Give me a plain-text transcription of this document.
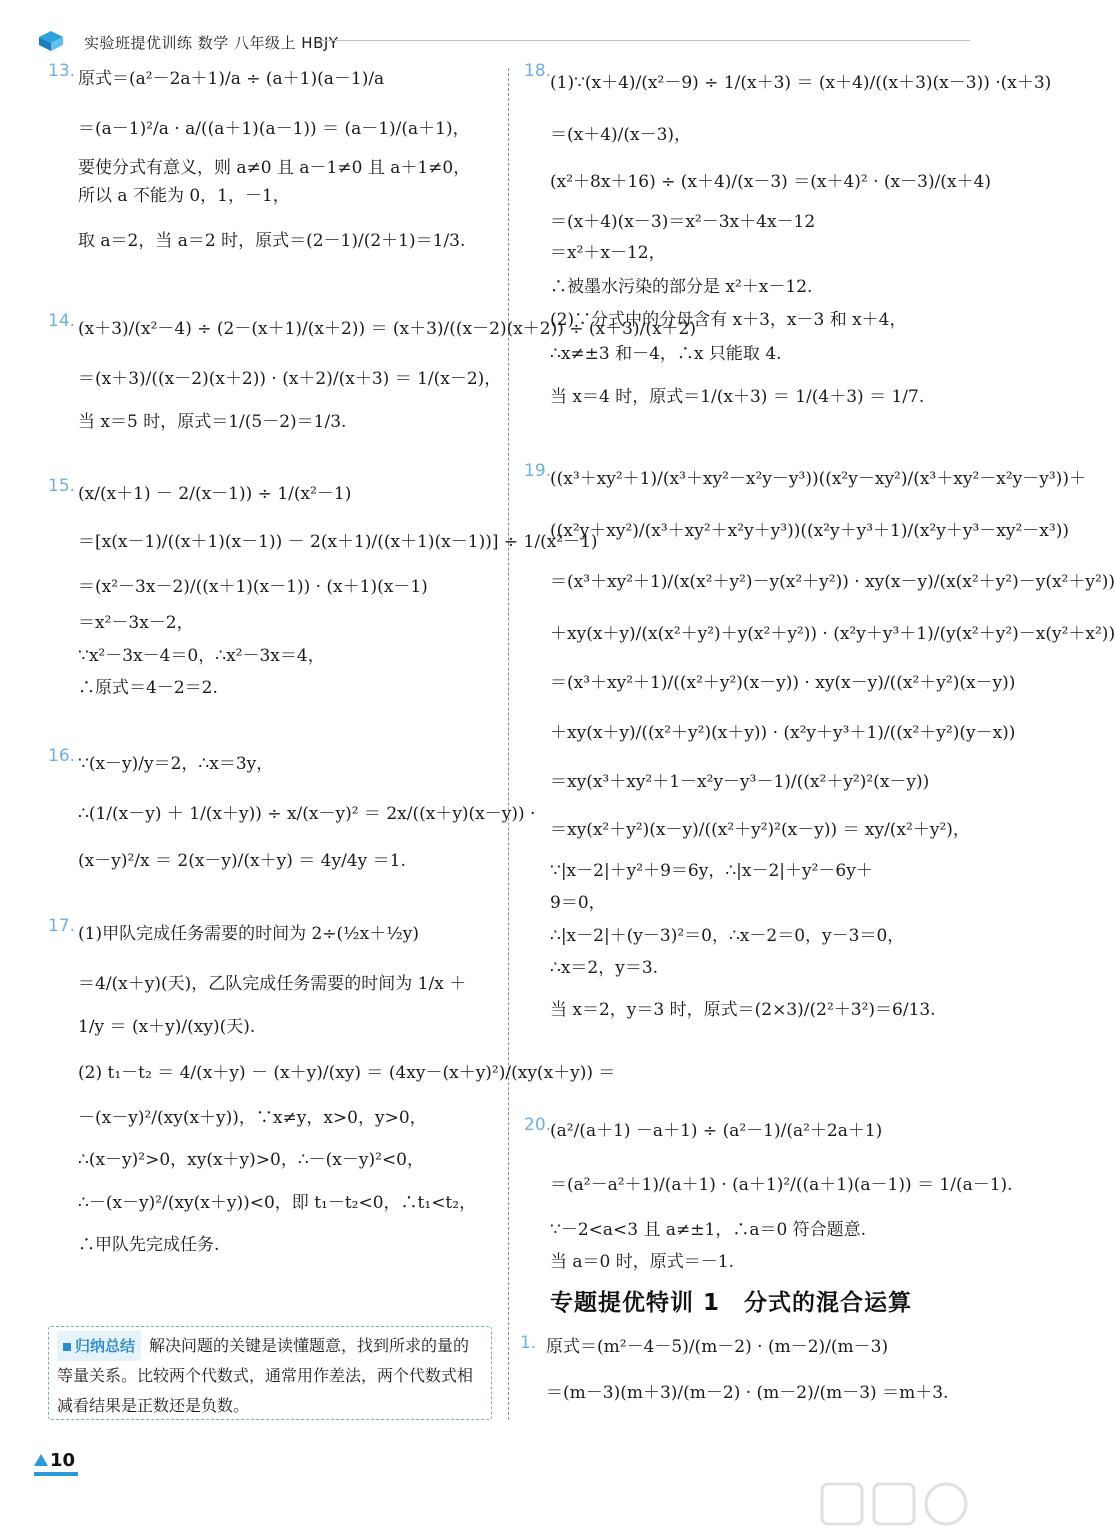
实验班提优训练 数学 八年级上 HBJY
13. 原式＝(a²－2a＋1)/a ÷ (a＋1)(a－1)/a
＝(a－1)²/a · a/((a＋1)(a－1)) ＝ (a－1)/(a＋1)，
要使分式有意义，则 a≠0 且 a－1≠0 且 a＋1≠0，
所以 a 不能为 0，1，－1，
取 a＝2，当 a＝2 时，原式＝(2－1)/(2＋1)＝1/3.
14. (x＋3)/(x²－4) ÷ (2－(x＋1)/(x＋2)) ＝ (x＋3)/((x－2)(x＋2)) ÷ (x＋3)/(x＋2)
＝(x＋3)/((x－2)(x＋2)) · (x＋2)/(x＋3) ＝ 1/(x－2)，
当 x＝5 时，原式＝1/(5－2)＝1/3.
15. (x/(x＋1) － 2/(x－1)) ÷ 1/(x²－1)
＝[x(x－1)/((x＋1)(x－1)) － 2(x＋1)/((x＋1)(x－1))] ÷ 1/(x²－1)
＝(x²－3x－2)/((x＋1)(x－1)) · (x＋1)(x－1)
＝x²－3x－2，
∵x²－3x－4＝0，∴x²－3x＝4，
∴原式＝4－2＝2.
16. ∵(x－y)/y＝2，∴x＝3y，
∴(1/(x－y) ＋ 1/(x＋y)) ÷ x/(x－y)² ＝ 2x/((x＋y)(x－y)) ·
(x－y)²/x ＝ 2(x－y)/(x＋y) ＝ 4y/4y ＝1.
17. (1)甲队完成任务需要的时间为 2÷(½x＋½y)
＝4/(x＋y)(天)，乙队完成任务需要的时间为 1/x ＋
1/y ＝ (x＋y)/(xy)(天).
(2) t₁－t₂ ＝ 4/(x＋y) － (x＋y)/(xy) ＝ (4xy－(x＋y)²)/(xy(x＋y)) ＝
－(x－y)²/(xy(x＋y))，∵x≠y，x>0，y>0，
∴(x－y)²>0，xy(x＋y)>0，∴－(x－y)²<0，
∴－(x－y)²/(xy(x＋y))<0，即 t₁－t₂<0，∴t₁<t₂，
∴甲队先完成任务.
归纳总结 解决问题的关键是读懂题意，找到所求的量的等量关系。比较两个代数式，通常用作差法，两个代数式相减看结果是正数还是负数。
18.
(1)∵(x＋4)/(x²－9) ÷ 1/(x＋3) ＝ (x＋4)/((x＋3)(x－3)) ·(x＋3)
＝(x＋4)/(x－3)，
(x²＋8x＋16) ÷ (x＋4)/(x－3) ＝(x＋4)² · (x－3)/(x＋4)
＝(x＋4)(x－3)＝x²－3x＋4x－12
＝x²＋x－12，
∴被墨水污染的部分是 x²＋x－12.
(2)∵分式中的分母含有 x＋3，x－3 和 x＋4，
∴x≠±3 和－4，∴x 只能取 4.
当 x＝4 时，原式＝1/(x＋3) ＝ 1/(4＋3) ＝ 1/7.
19.
((x³＋xy²＋1)/(x³＋xy²－x²y－y³))((x²y－xy²)/(x³＋xy²－x²y－y³))＋
((x²y＋xy²)/(x³＋xy²＋x²y＋y³))((x²y＋y³＋1)/(x²y＋y³－xy²－x³))
＝(x³＋xy²＋1)/(x(x²＋y²)－y(x²＋y²)) · xy(x－y)/(x(x²＋y²)－y(x²＋y²))
＋xy(x＋y)/(x(x²＋y²)＋y(x²＋y²)) · (x²y＋y³＋1)/(y(x²＋y²)－x(y²＋x²))
＝(x³＋xy²＋1)/((x²＋y²)(x－y)) · xy(x－y)/((x²＋y²)(x－y))
＋xy(x＋y)/((x²＋y²)(x＋y)) · (x²y＋y³＋1)/((x²＋y²)(y－x))
＝xy(x³＋xy²＋1－x²y－y³－1)/((x²＋y²)²(x－y))
＝xy(x²＋y²)(x－y)/((x²＋y²)²(x－y)) ＝ xy/(x²＋y²)，
∵|x－2|＋y²＋9＝6y，∴|x－2|＋y²－6y＋
9＝0，
∴|x－2|＋(y－3)²＝0，∴x－2＝0，y－3＝0，
∴x＝2，y＝3.
当 x＝2，y＝3 时，原式＝(2×3)/(2²＋3²)＝6/13.
20.
(a²/(a＋1) －a＋1) ÷ (a²－1)/(a²＋2a＋1)
＝(a²－a²＋1)/(a＋1) · (a＋1)²/((a＋1)(a－1)) ＝ 1/(a－1).
∵－2<a<3 且 a≠±1，∴a＝0 符合题意.
当 a＝0 时，原式＝－1.
专题提优特训 1　分式的混合运算
1. 原式＝(m²－4－5)/(m－2) · (m－2)/(m－3)
＝(m－3)(m＋3)/(m－2) · (m－2)/(m－3) ＝m＋3.
10
